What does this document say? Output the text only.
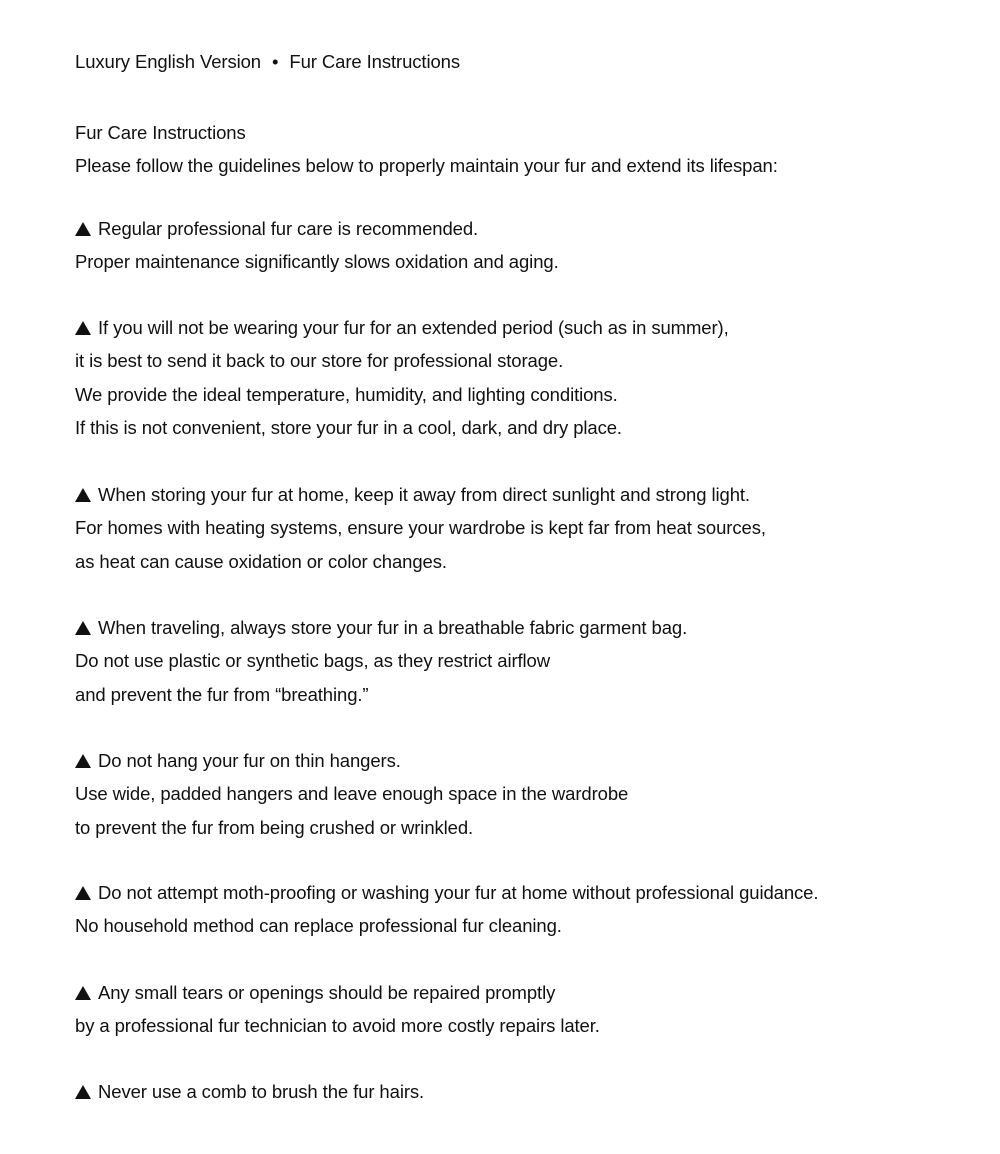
Luxury English Version • Fur Care Instructions
Fur Care Instructions
Please follow the guidelines below to properly maintain your fur and extend its lifespan:
Regular professional fur care is recommended.
Proper maintenance significantly slows oxidation and aging.
If you will not be wearing your fur for an extended period (such as in summer),
it is best to send it back to our store for professional storage.
We provide the ideal temperature, humidity, and lighting conditions.
If this is not convenient, store your fur in a cool, dark, and dry place.
When storing your fur at home, keep it away from direct sunlight and strong light.
For homes with heating systems, ensure your wardrobe is kept far from heat sources,
as heat can cause oxidation or color changes.
When traveling, always store your fur in a breathable fabric garment bag.
Do not use plastic or synthetic bags, as they restrict airflow
and prevent the fur from “breathing.”
Do not hang your fur on thin hangers.
Use wide, padded hangers and leave enough space in the wardrobe
to prevent the fur from being crushed or wrinkled.
Do not attempt moth-proofing or washing your fur at home without professional guidance.
No household method can replace professional fur cleaning.
Any small tears or openings should be repaired promptly
by a professional fur technician to avoid more costly repairs later.
Never use a comb to brush the fur hairs.
